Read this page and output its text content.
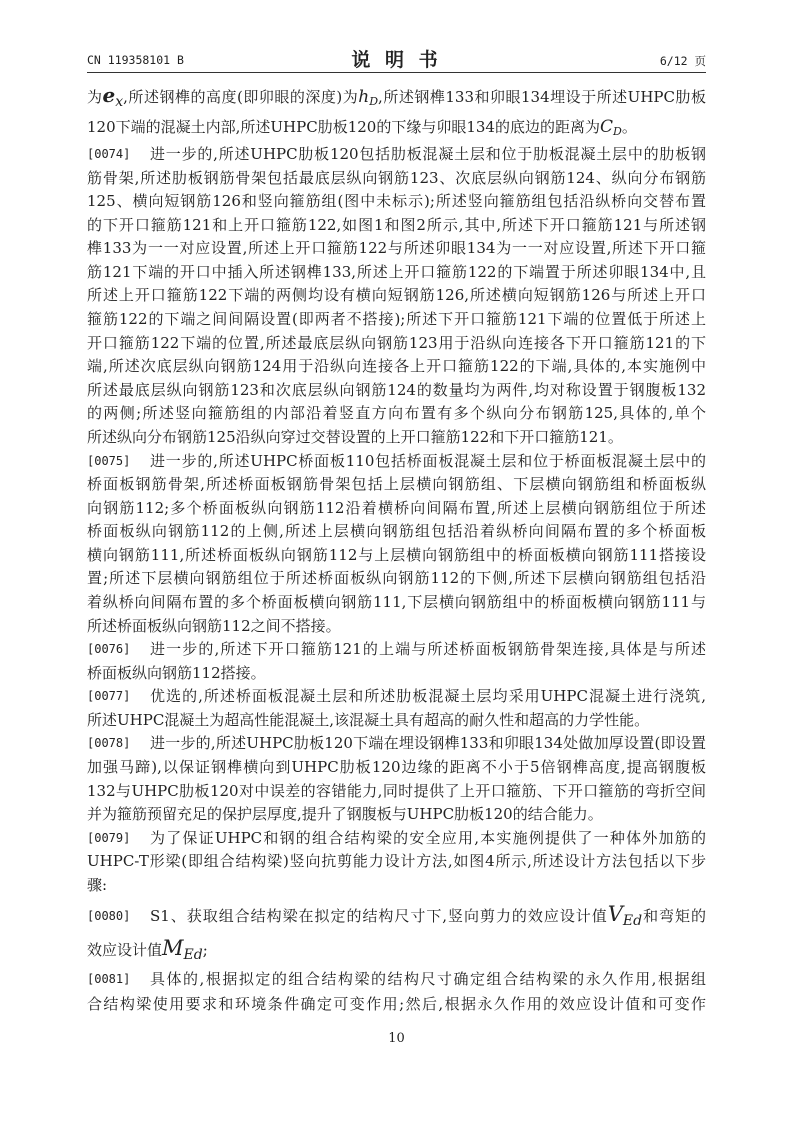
CN 119358101 B	说 明 书	6/12 页
为$e_x$,所述钢榫的高度(即卯眼的深度)为$h_D$,所述钢榫133和卯眼134埋设于所述UHPC肋板
120下端的混凝土内部,所述UHPC肋板120的下缘与卯眼134的底边的距离为$C_D$。
[0074] 进一步的,所述UHPC肋板120包括肋板混凝土层和位于肋板混凝土层中的肋板钢
筋骨架,所述肋板钢筋骨架包括最底层纵向钢筋123、次底层纵向钢筋124、纵向分布钢筋
125、横向短钢筋126和竖向箍筋组(图中未标示);所述竖向箍筋组包括沿纵桥向交替布置
的下开口箍筋121和上开口箍筋122,如图1和图2所示,其中,所述下开口箍筋121与所述钢
榫133为一一对应设置,所述上开口箍筋122与所述卯眼134为一一对应设置,所述下开口箍
筋121下端的开口中插入所述钢榫133,所述上开口箍筋122的下端置于所述卯眼134中,且
所述上开口箍筋122下端的两侧均设有横向短钢筋126,所述横向短钢筋126与所述上开口
箍筋122的下端之间间隔设置(即两者不搭接);所述下开口箍筋121下端的位置低于所述上
开口箍筋122下端的位置,所述最底层纵向钢筋123用于沿纵向连接各下开口箍筋121的下
端,所述次底层纵向钢筋124用于沿纵向连接各上开口箍筋122的下端,具体的,本实施例中
所述最底层纵向钢筋123和次底层纵向钢筋124的数量均为两件,均对称设置于钢腹板132
的两侧;所述竖向箍筋组的内部沿着竖直方向布置有多个纵向分布钢筋125,具体的,单个
所述纵向分布钢筋125沿纵向穿过交替设置的上开口箍筋122和下开口箍筋121。
[0075] 进一步的,所述UHPC桥面板110包括桥面板混凝土层和位于桥面板混凝土层中的
桥面板钢筋骨架,所述桥面板钢筋骨架包括上层横向钢筋组、下层横向钢筋组和桥面板纵
向钢筋112;多个桥面板纵向钢筋112沿着横桥向间隔布置,所述上层横向钢筋组位于所述
桥面板纵向钢筋112的上侧,所述上层横向钢筋组包括沿着纵桥向间隔布置的多个桥面板
横向钢筋111,所述桥面板纵向钢筋112与上层横向钢筋组中的桥面板横向钢筋111搭接设
置;所述下层横向钢筋组位于所述桥面板纵向钢筋112的下侧,所述下层横向钢筋组包括沿
着纵桥向间隔布置的多个桥面板横向钢筋111,下层横向钢筋组中的桥面板横向钢筋111与
所述桥面板纵向钢筋112之间不搭接。
[0076] 进一步的,所述下开口箍筋121的上端与所述桥面板钢筋骨架连接,具体是与所述
桥面板纵向钢筋112搭接。
[0077] 优选的,所述桥面板混凝土层和所述肋板混凝土层均采用UHPC混凝土进行浇筑,
所述UHPC混凝土为超高性能混凝土,该混凝土具有超高的耐久性和超高的力学性能。
[0078] 进一步的,所述UHPC肋板120下端在埋设钢榫133和卯眼134处做加厚设置(即设置
加强马蹄),以保证钢榫横向到UHPC肋板120边缘的距离不小于5倍钢榫高度,提高钢腹板
132与UHPC肋板120对中误差的容错能力,同时提供了上开口箍筋、下开口箍筋的弯折空间
并为箍筋预留充足的保护层厚度,提升了钢腹板与UHPC肋板120的结合能力。
[0079] 为了保证UHPC和钢的组合结构梁的安全应用,本实施例提供了一种体外加筋的
UHPC-T形梁(即组合结构梁)竖向抗剪能力设计方法,如图4所示,所述设计方法包括以下步
骤:
[0080] S1、获取组合结构梁在拟定的结构尺寸下,竖向剪力的效应设计值$V_{Ed}$和弯矩的
效应设计值$M_{Ed}$;
[0081] 具体的,根据拟定的组合结构梁的结构尺寸确定组合结构梁的永久作用,根据组
合结构梁使用要求和环境条件确定可变作用;然后,根据永久作用的效应设计值和可变作
10
